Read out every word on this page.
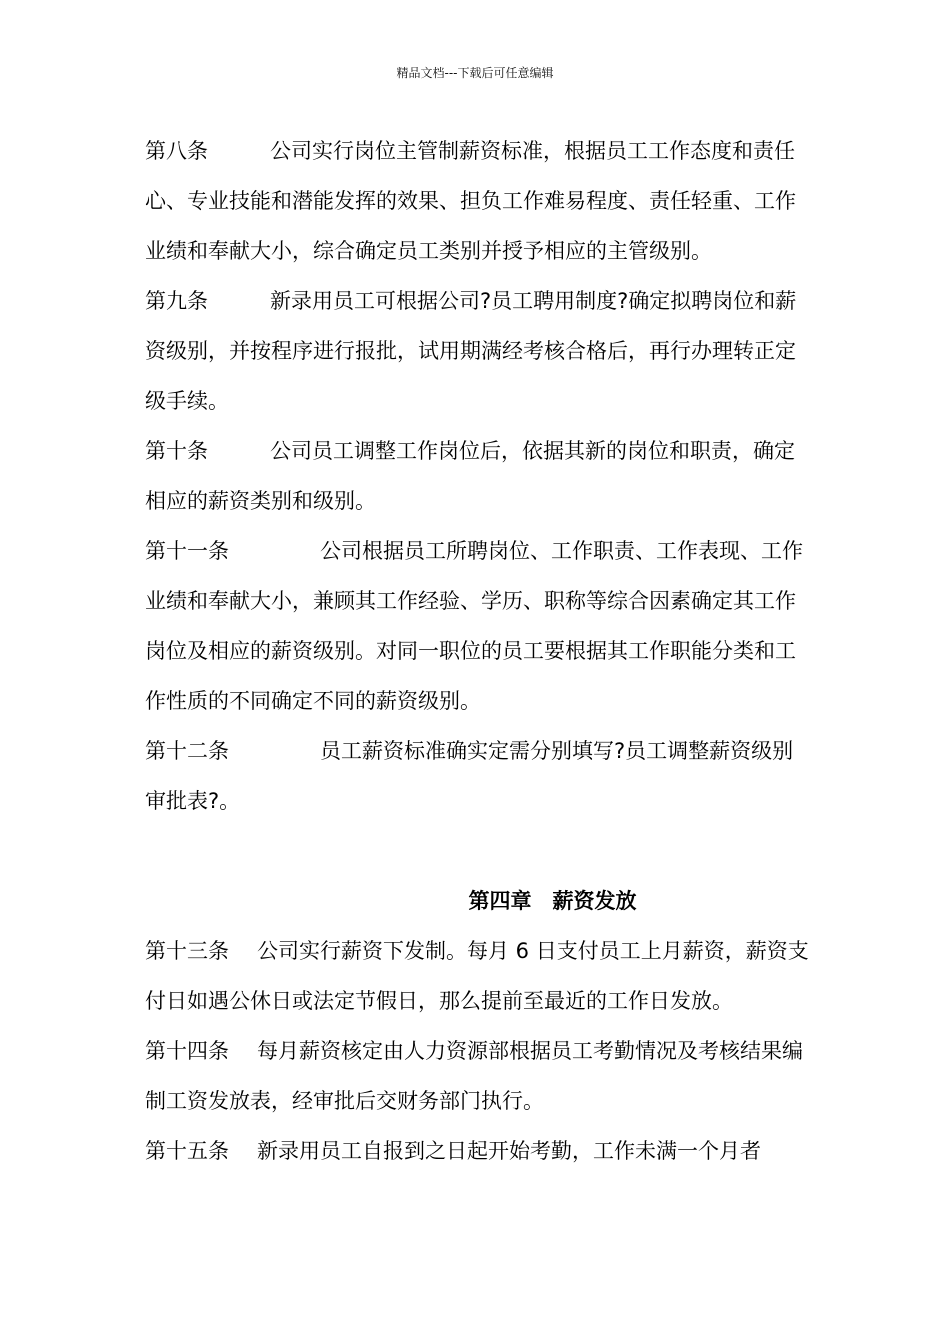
精品文档---下载后可任意编辑

第八条	公司实行岗位主管制薪资标准，根据员工工作态度和责任心、专业技能和潜能发挥的效果、担负工作难易程度、责任轻重、工作业绩和奉献大小，综合确定员工类别并授予相应的主管级别。

第九条	新录用员工可根据公司?员工聘用制度?确定拟聘岗位和薪资级别，并按程序进行报批，试用期满经考核合格后，再行办理转正定级手续。

第十条	公司员工调整工作岗位后，依据其新的岗位和职责，确定相应的薪资类别和级别。

第十一条	公司根据员工所聘岗位、工作职责、工作表现、工作业绩和奉献大小，兼顾其工作经验、学历、职称等综合因素确定其工作岗位及相应的薪资级别。对同一职位的员工要根据其工作职能分类和工作性质的不同确定不同的薪资级别。

第十二条	员工薪资标准确实定需分别填写?员工调整薪资级别审批表?。

第四章　薪资发放

第十三条 公司实行薪资下发制。每月 6 日支付员工上月薪资，薪资支付日如遇公休日或法定节假日，那么提前至最近的工作日发放。

第十四条 每月薪资核定由人力资源部根据员工考勤情况及考核结果编制工资发放表，经审批后交财务部门执行。

第十五条 新录用员工自报到之日起开始考勤，工作未满一个月者
